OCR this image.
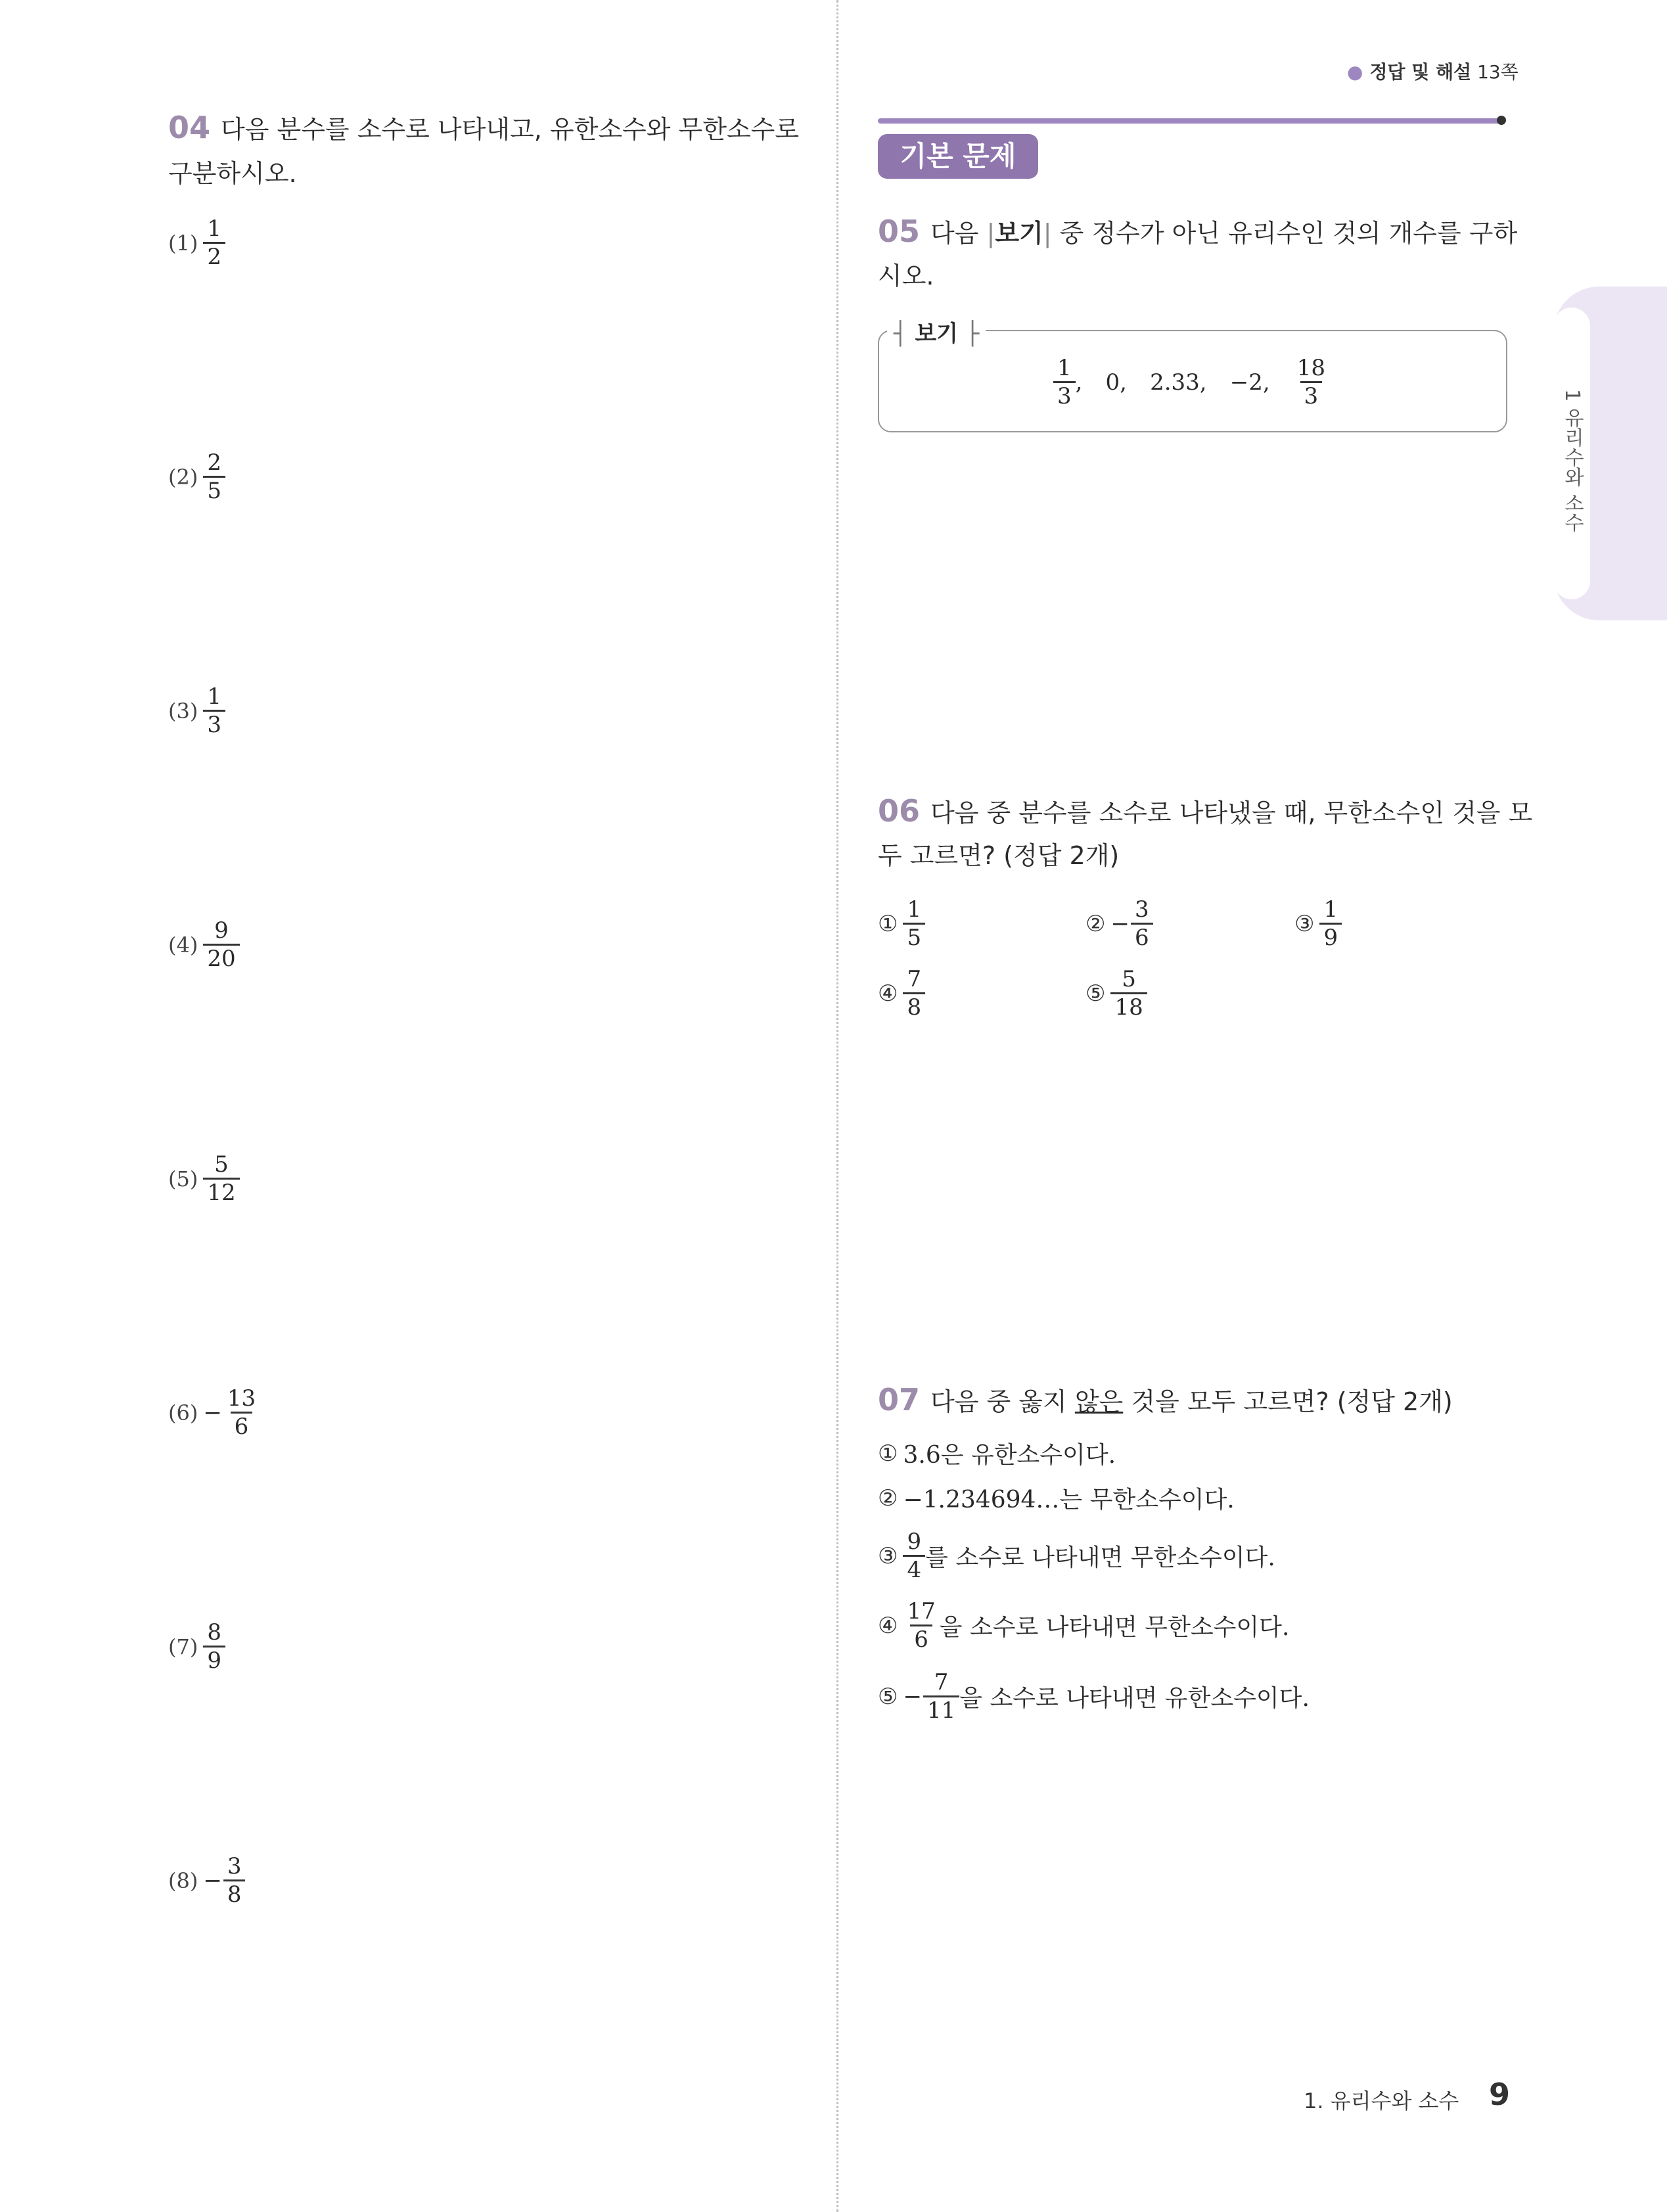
● 정답 및 해설 13쪽
04 다음 분수를 소수로 나타내고, 유한소수와 무한소수로
구분하시오.
$(1) \frac{1}{2}$
$(2) \frac{2}{5}$
$(3) \frac{1}{3}$
$(4) \frac{9}{20}$
$(5) \frac{5}{12}$
$(6) - \frac{13}{6}$
$(7) \frac{8}{9}$
$(8) - \frac{3}{8}$
기본 문제
05 다음 |보기| 중 정수가 아닌 유리수인 것의 개수를 구하
시오.
┤ 보기 ├
$\frac{1}{3}$ , 0, 2.33, −2, $\frac{18}{3}$
06 다음 중 분수를 소수로 나타냈을 때, 무한소수인 것을 모
두 고르면? (정답 2개)
① $\frac{1}{5}$	② − $\frac{3}{6}$	③ $\frac{1}{9}$
④ $\frac{7}{8}$	⑤ $\frac{5}{18}$
07 다음 중 옳지 않은 것을 모두 고르면? (정답 2개)
① 3.6은 유한소수이다.
② −1.234694…는 무한소수이다.
③ $\frac{9}{4}$ 를 소수로 나타내면 무한소수이다.
④ $\frac{17}{6}$ 을 소수로 나타내면 무한소수이다.
⑤ − $\frac{7}{11}$ 을 소수로 나타내면 유한소수이다.
1 유리수와 소수
1. 유리수와 소수 9
